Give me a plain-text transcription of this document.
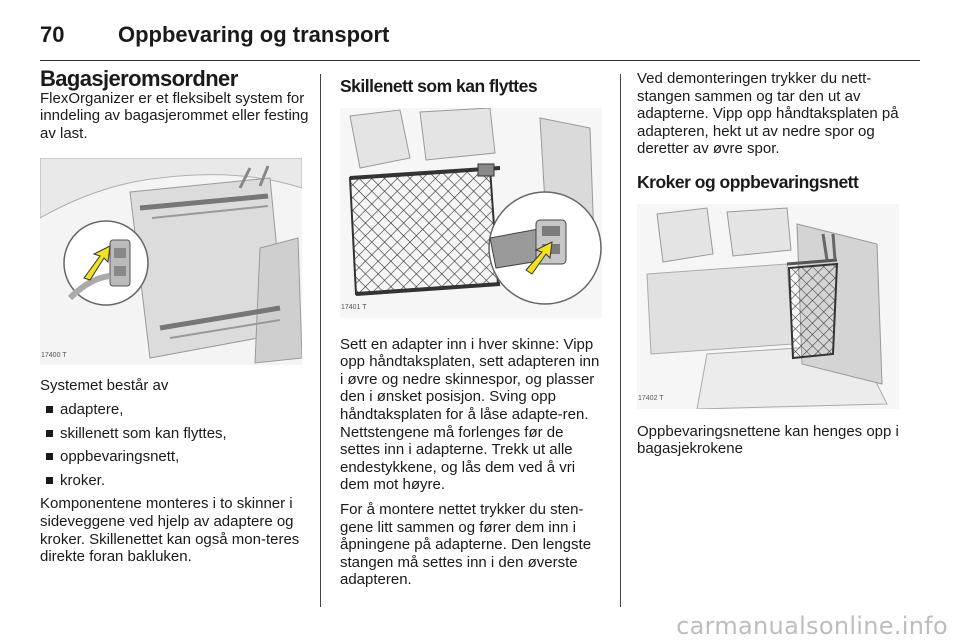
70 Oppbevaring og transport
Bagasjeromsordner

FlexOrganizer er et fleksibelt system for inndeling av bagasjerommet eller festing av last.

17400 T

Systemet består av

adaptere,
skillenett som kan flyttes,
oppbevaringsnett,
kroker.

Komponentene monteres i to skinner i sideveggene ved hjelp av adaptere og kroker. Skillenettet kan også mon-teres direkte foran bakluken.

Skillenett som kan flyttes
17401 T

Sett en adapter inn i hver skinne: Vipp opp håndtaksplaten, sett adapteren inn i øvre og nedre skinnespor, og plasser den i ønsket posisjon. Sving opp håndtaksplaten for å låse adapte-ren. Nettstengene må forlenges før de settes inn i adapterne. Trekk ut alle endestykkene, og lås dem ved å vri dem mot høyre.

For å montere nettet trykker du sten-gene litt sammen og fører dem inn i åpningene på adapterne. Den lengste stangen må settes inn i den øverste adapteren.

Ved demonteringen trykker du nett-stangen sammen og tar den ut av adapterne. Vipp opp håndtaksplaten på adapteren, hekt ut av nedre spor og deretter av øvre spor.

Kroker og oppbevaringsnett
17402 T

Oppbevaringsnettene kan henges opp i bagasjekrokene

carmanualsonline.info
